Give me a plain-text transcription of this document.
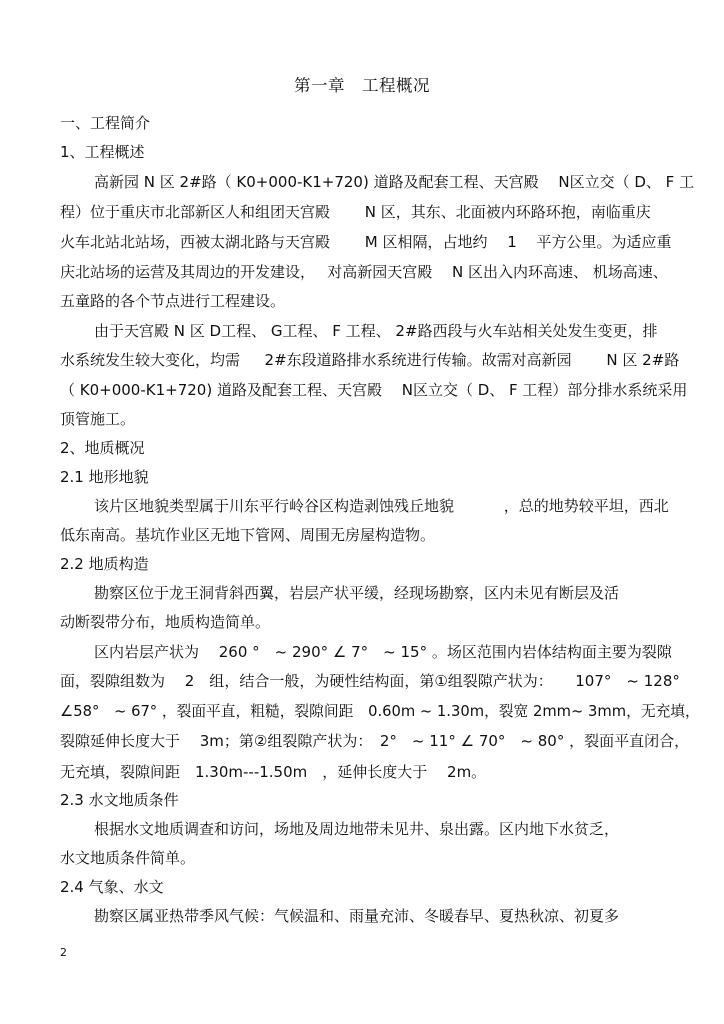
第一章　工程概况
一、工程简介
1、工程概述
高新园 N 区 2#路（ K0+000-K1+720) 道路及配套工程、天宫殿 　N区立交（ D、 F 工
程）位于重庆市北部新区人和组团天宫殿 　　N 区，其东、北面被内环路环抱，南临重庆
火车北站北站场，西被太湖北路与天宫殿 　　M 区相隔，占地约 　1 　平方公里。为适应重
庆北站场的运营及其周边的开发建设，　 对高新园天宫殿 　N 区出入内环高速、 机场高速、
五童路的各个节点进行工程建设。
由于天宫殿 N 区 D工程、 G工程、 F 工程、 2#路西段与火车站相关处发生变更，排
水系统发生较大变化，均需 　 2#东段道路排水系统进行传输。故需对高新园 　　N 区 2#路
（ K0+000-K1+720) 道路及配套工程、天宫殿 　N区立交（ D、 F 工程）部分排水系统采用
顶管施工。
2、地质概况
2.1 地形地貌
该片区地貌类型属于川东平行岭谷区构造剥蚀残丘地貌 　　　，总的地势较平坦，西北
低东南高。基坑作业区无地下管网、周围无房屋构造物。
2.2 地质构造
勘察区位于龙王洞背斜西翼，岩层产状平缓，经现场勘察，区内未见有断层及活
动断裂带分布，地质构造简单。
区内岩层产状为　 260 °　~ 290° ∠ 7°　~ 15° 。场区范围内岩体结构面主要为裂隙
面，裂隙组数为　 2　组，结合一般，为硬性结构面，第①组裂隙产状为：　　107°　~ 128°
∠58°　~ 67° ，裂面平直，粗糙，裂隙间距　0.60m ~ 1.30m，裂宽 2mm~ 3mm，无充填，
裂隙延伸长度大于　 3m；第②组裂隙产状为：　2°　~ 11° ∠ 70°　~ 80° ，裂面平直闭合，
无充填，裂隙间距　1.30m---1.50m　，延伸长度大于　 2m。
2.3 水文地质条件
根据水文地质调查和访问，场地及周边地带未见井、泉出露。区内地下水贫乏，
水文地质条件简单。
2.4 气象、水文
勘察区属亚热带季风气候：气候温和、雨量充沛、冬暖春早、夏热秋凉、初夏多
2
